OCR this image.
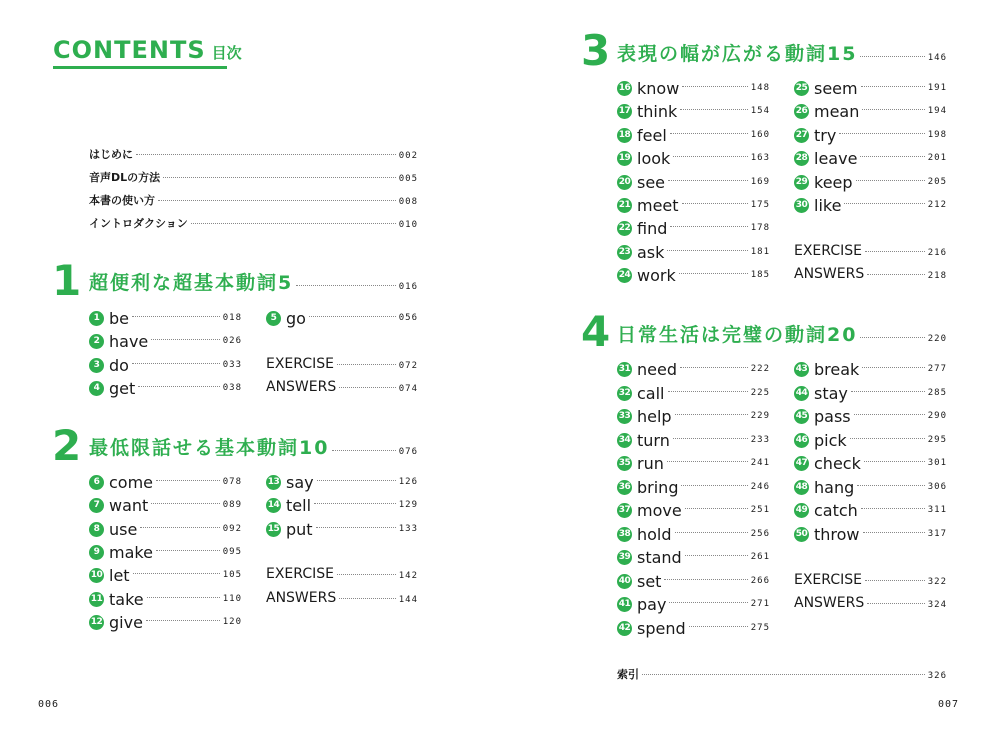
CONTENTS 目次
はじめに	002
音声DLの方法	005
本書の使い方	008
イントロダクション	010
1 超便利な超基本動詞5	016
1 be	018
2 have	026
3 do	033
4 get	038
5 go	056
EXERCISE	072
ANSWERS	074
2 最低限話せる基本動詞10	076
6 come	078
7 want	089
8 use	092
9 make	095
10 let	105
11 take	110
12 give	120
13 say	126
14 tell	129
15 put	133
EXERCISE	142
ANSWERS	144
3 表現の幅が広がる動詞15	146
16 know	148
17 think	154
18 feel	160
19 look	163
20 see	169
21 meet	175
22 find	178
23 ask	181
24 work	185
25 seem	191
26 mean	194
27 try	198
28 leave	201
29 keep	205
30 like	212
EXERCISE	216
ANSWERS	218
4 日常生活は完璧の動詞20	220
31 need	222
32 call	225
33 help	229
34 turn	233
35 run	241
36 bring	246
37 move	251
38 hold	256
39 stand	261
40 set	266
41 pay	271
42 spend	275
43 break	277
44 stay	285
45 pass	290
46 pick	295
47 check	301
48 hang	306
49 catch	311
50 throw	317
EXERCISE	322
ANSWERS	324
索引	326
006	007
